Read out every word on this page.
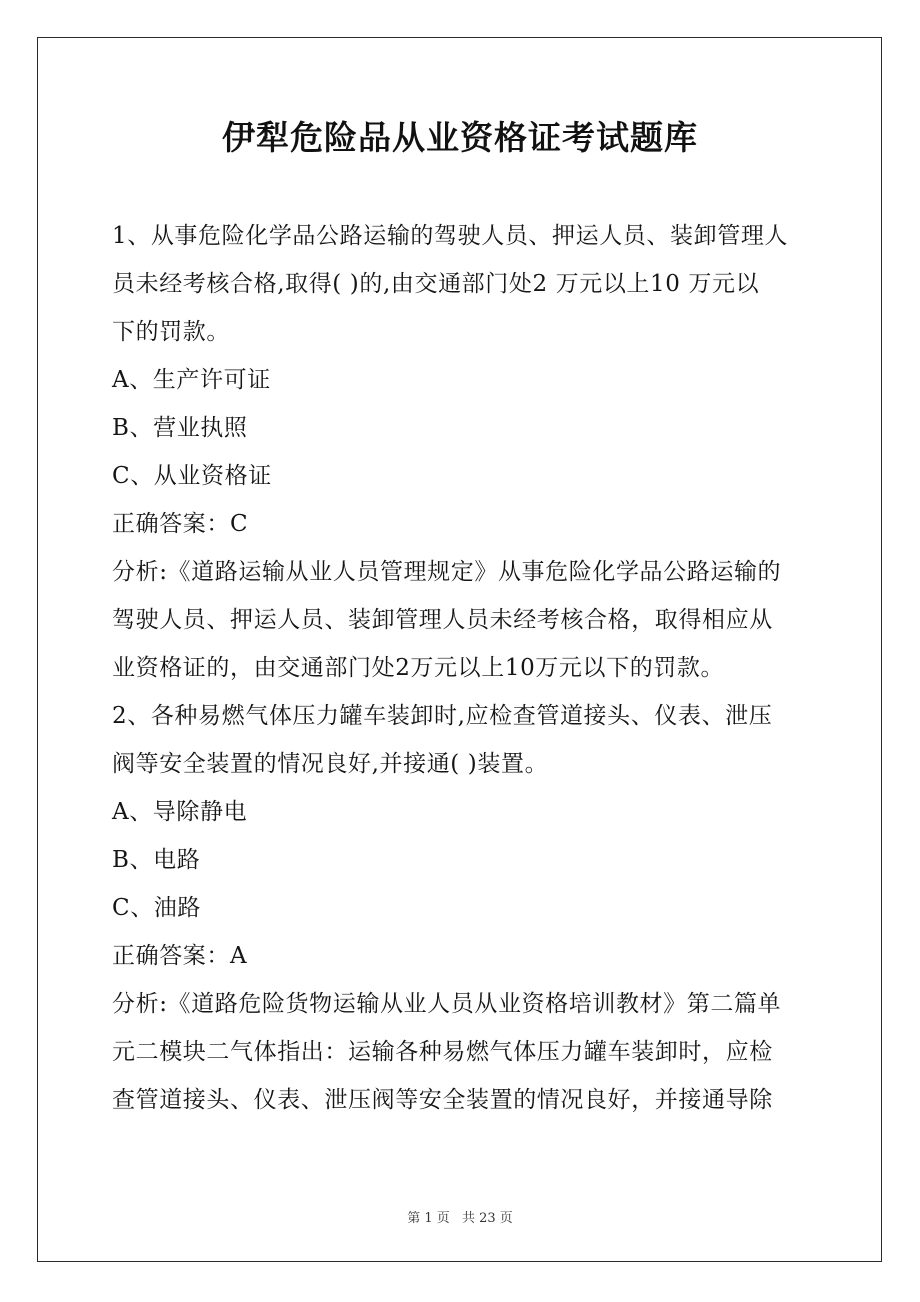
伊犁危险品从业资格证考试题库
1、从事危险化学品公路运输的驾驶人员、押运人员、装卸管理人
员未经考核合格,取得( )的,由交通部门处2 万元以上10 万元以
下的罚款。
A、生产许可证
B、营业执照
C、从业资格证
正确答案：C
分析:《道路运输从业人员管理规定》从事危险化学品公路运输的
驾驶人员、押运人员、装卸管理人员未经考核合格，取得相应从
业资格证的，由交通部门处2万元以上10万元以下的罚款。
2、各种易燃气体压力罐车装卸时,应检查管道接头、仪表、泄压
阀等安全装置的情况良好,并接通( )装置。
A、导除静电
B、电路
C、油路
正确答案：A
分析:《道路危险货物运输从业人员从业资格培训教材》第二篇单
元二模块二气体指出：运输各种易燃气体压力罐车装卸时，应检
查管道接头、仪表、泄压阀等安全装置的情况良好，并接通导除
第 1 页 共 23 页
